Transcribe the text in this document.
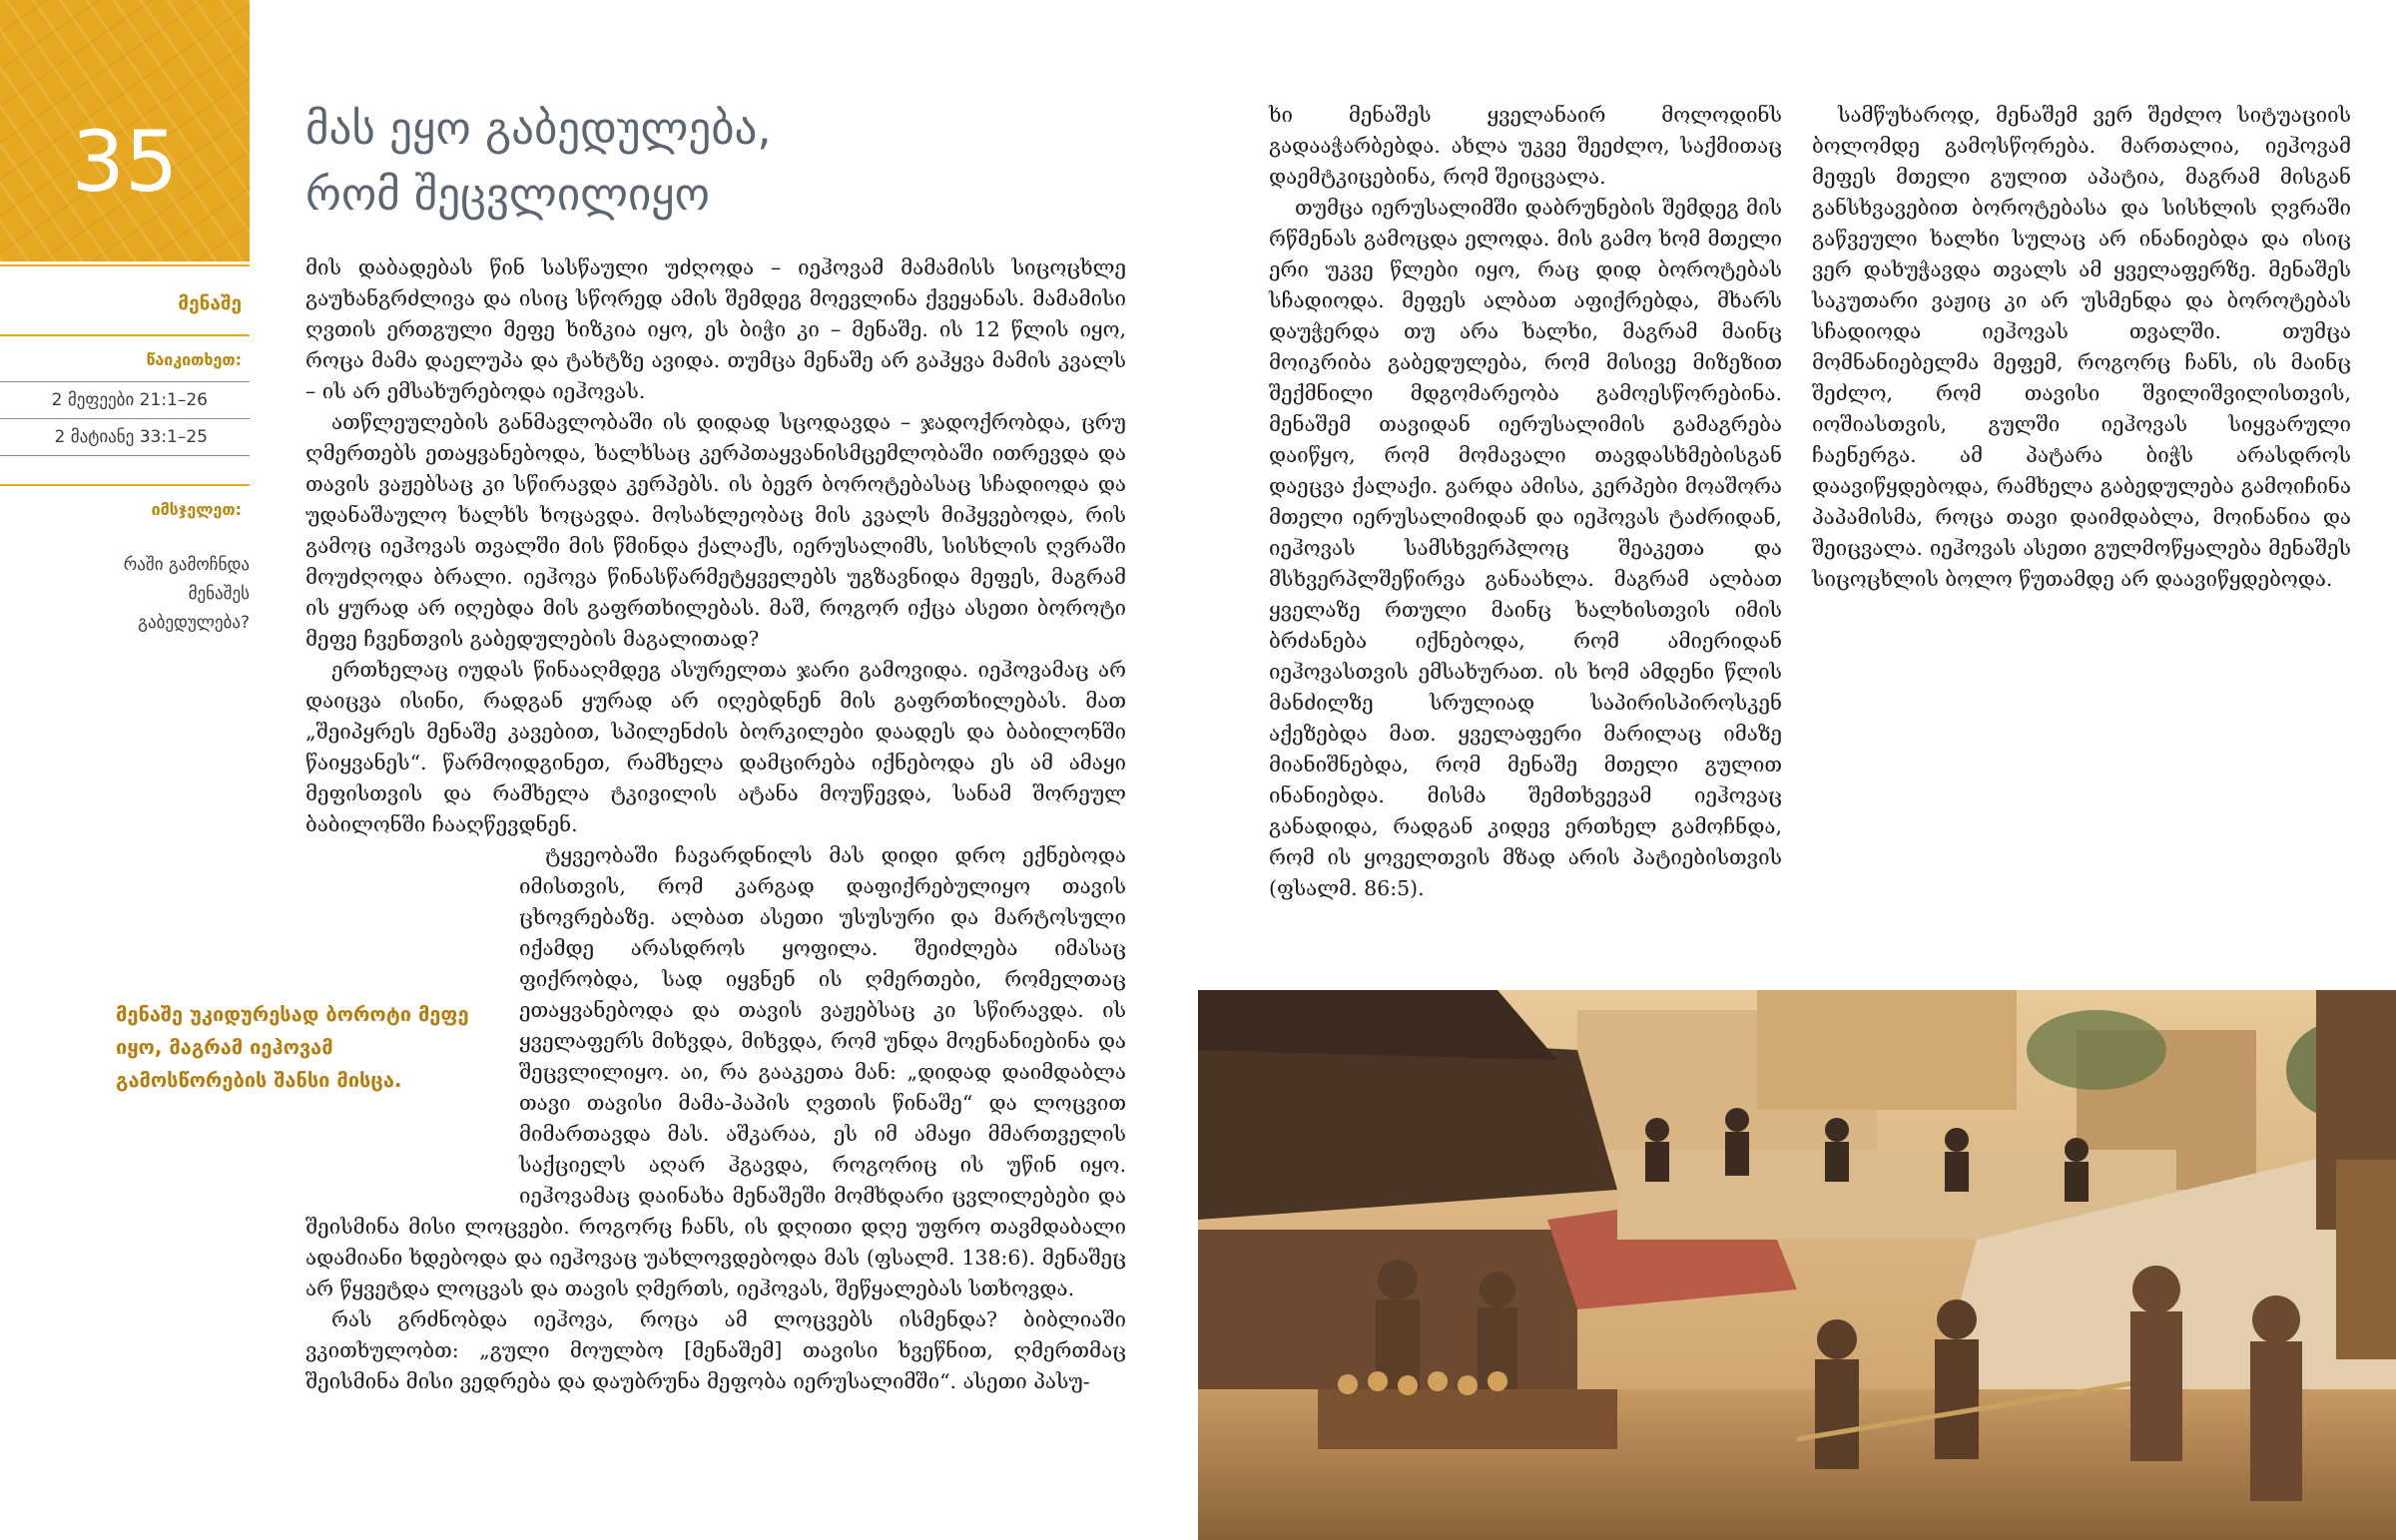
35
მენაშე
წაიკითხეთ:
2 მეფეები 21:1–26
2 მატიანე 33:1–25
იმსჯელეთ:
რაში გამოჩნდა
მენაშეს
გაბედულება?
მას ეყო გაბედულება,
რომ შეცვლილიყო

მის დაბადებას წინ სასწაული უძღოდა – იეჰოვამ მამამისს სიცოცხლე გაუხანგრძლივა და ისიც სწორედ ამის შემდეგ მოევლინა ქვეყანას. მამამისი ღვთის ერთგული მეფე ხიზკია იყო, ეს ბიჭი კი – მენაშე. ის 12 წლის იყო, როცა მამა დაელუპა და ტახტზე ავიდა. თუმცა მენაშე არ გაჰყვა მამის კვალს – ის არ ემსახურებოდა იეჰოვას.

ათწლეულების განმავლობაში ის დიდად სცოდავდა – ჯადოქრობდა, ცრუ ღმერთებს ეთაყვანებოდა, ხალხსაც კერპთაყვანისმცემლობაში ითრევდა და თავის ვაჟებსაც კი სწირავდა კერპებს. ის ბევრ ბოროტებასაც სჩადიოდა და უდანაშაულო ხალხს ხოცავდა. მოსახლეობაც მის კვალს მიჰყვებოდა, რის გამოც იეჰოვას თვალში მის წმინდა ქალაქს, იერუსალიმს, სისხლის ღვრაში მოუძღოდა ბრალი. იეჰოვა წინასწარმეტყველებს უგზავნიდა მეფეს, მაგრამ ის ყურად არ იღებდა მის გაფრთხილებას. მაშ, როგორ იქცა ასეთი ბოროტი მეფე ჩვენთვის გაბედულების მაგალითად?

ერთხელაც იუდას წინააღმდეგ ასურელთა ჯარი გამოვიდა. იეჰოვამაც არ დაიცვა ისინი, რადგან ყურად არ იღებდნენ მის გაფრთხილებას. მათ „შეიპყრეს მენაშე კავებით, სპილენძის ბორკილები დაადეს და ბაბილონში წაიყვანეს“. წარმოიდგინეთ, რამხელა დამცირება იქნებოდა ეს ამ ამაყი მეფისთვის და რამხელა ტკივილის ატანა მოუწევდა, სანამ შორეულ ბაბილონში ჩააღწევდნენ.

ტყვეობაში ჩავარდნილს მას დიდი დრო ექნებოდა იმისთვის, რომ კარგად დაფიქრებულიყო თავის ცხოვრებაზე. ალბათ ასეთი უსუსური და მარტოსული იქამდე არასდროს ყოფილა. შეიძლება იმასაც ფიქრობდა, სად იყვნენ ის ღმერთები, რომელთაც ეთაყვანებოდა და თავის ვაჟებსაც კი სწირავდა. ის ყველაფერს მიხვდა, მიხვდა, რომ უნდა მოენანიებინა და შეცვლილიყო. აი, რა გააკეთა მან: „დიდად დაიმდაბლა თავი თავისი მამა-პაპის ღვთის წინაშე“ და ლოცვით მიმართავდა მას. აშკარაა, ეს იმ ამაყი მმართველის საქციელს აღარ ჰგავდა, როგორიც ის უწინ იყო. იეჰოვამაც დაინახა მენაშეში მომხდარი ცვლილებები და შეისმინა მისი ლოცვები. როგორც ჩანს, ის დღითი დღე უფრო თავმდაბალი ადამიანი ხდებოდა და იეჰოვაც უახლოვდებოდა მას (ფსალმ. 138:6). მენაშეც არ წყვეტდა ლოცვას და თავის ღმერთს, იეჰოვას, შეწყალებას სთხოვდა.

რას გრძნობდა იეჰოვა, როცა ამ ლოცვებს ისმენდა? ბიბლიაში ვკითხულობთ: „გული მოულბო [მენაშემ] თავისი ხვეწნით, ღმერთმაც შეისმინა მისი ვედრება და დაუბრუნა მეფობა იერუსალიმში“. ასეთი პასუ-

მენაშე უკიდურესად ბოროტი მეფე იყო, მაგრამ იეჰოვამ გამოსწორების შანსი მისცა.

ხი მენაშეს ყველანაირ მოლოდინს გადააჭარბებდა. ახლა უკვე შეეძლო, საქმითაც დაემტკიცებინა, რომ შეიცვალა.

თუმცა იერუსალიმში დაბრუნების შემდეგ მის რწმენას გამოცდა ელოდა. მის გამო ხომ მთელი ერი უკვე წლები იყო, რაც დიდ ბოროტებას სჩადიოდა. მეფეს ალბათ აფიქრებდა, მხარს დაუჭერდა თუ არა ხალხი, მაგრამ მაინც მოიკრიბა გაბედულება, რომ მისივე მიზეზით შექმნილი მდგომარეობა გამოესწორებინა. მენაშემ თავიდან იერუსალიმის გამაგრება დაიწყო, რომ მომავალი თავდასხმებისგან დაეცვა ქალაქი. გარდა ამისა, კერპები მოაშორა მთელი იერუსალიმიდან და იეჰოვას ტაძრიდან, იეჰოვას სამსხვერპლოც შეაკეთა და მსხვერპლშეწირვა განაახლა. მაგრამ ალბათ ყველაზე რთული მაინც ხალხისთვის იმის ბრძანება იქნებოდა, რომ ამიერიდან იეჰოვასთვის ემსახურათ. ის ხომ ამდენი წლის მანძილზე სრულიად საპირისპიროსკენ აქეზებდა მათ. ყველაფერი მარილაც იმაზე მიანიშნებდა, რომ მენაშე მთელი გულით ინანიებდა. მისმა შემთხვევამ იეჰოვაც განადიდა, რადგან კიდევ ერთხელ გამოჩნდა, რომ ის ყოველთვის მზად არის პატიებისთვის (ფსალმ. 86:5).

სამწუხაროდ, მენაშემ ვერ შეძლო სიტუაციის ბოლომდე გამოსწორება. მართალია, იეჰოვამ მეფეს მთელი გულით აპატია, მაგრამ მისგან განსხვავებით ბოროტებასა და სისხლის ღვრაში გაწვეული ხალხი სულაც არ ინანიებდა და ისიც ვერ დახუჭავდა თვალს ამ ყველაფერზე. მენაშეს საკუთარი ვაჟიც კი არ უსმენდა და ბოროტებას სჩადიოდა იეჰოვას თვალში. თუმცა მომნანიებელმა მეფემ, როგორც ჩანს, ის მაინც შეძლო, რომ თავისი შვილიშვილისთვის, იოშიასთვის, გულში იეჰოვას სიყვარული ჩაენერგა. ამ პატარა ბიჭს არასდროს დაავიწყდებოდა, რამხელა გაბედულება გამოიჩინა პაპამისმა, როცა თავი დაიმდაბლა, მოინანია და შეიცვალა. იეჰოვას ასეთი გულმოწყალება მენაშეს სიცოცხლის ბოლო წუთამდე არ დაავიწყდებოდა.
